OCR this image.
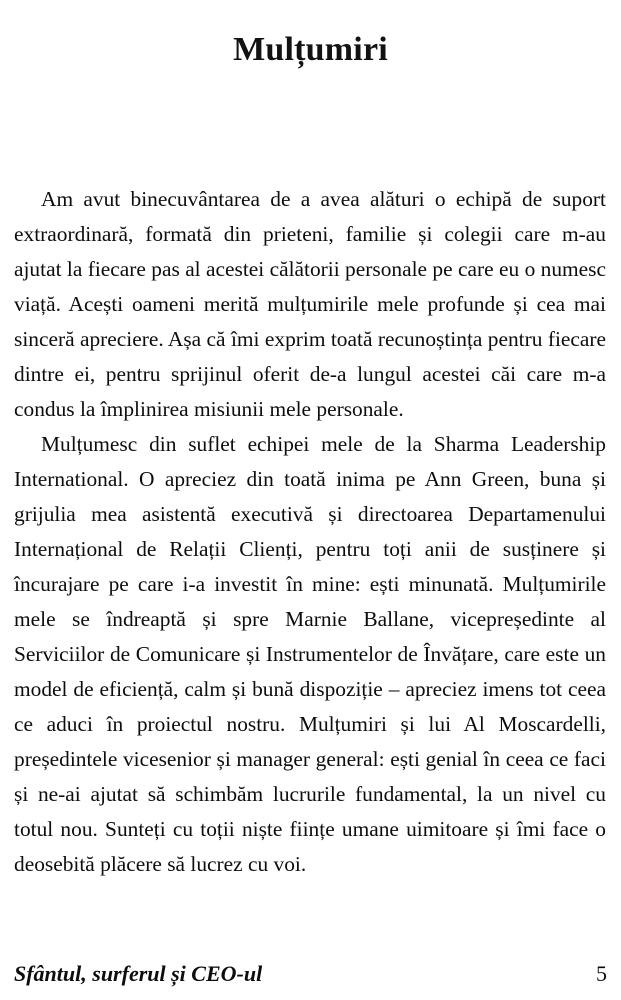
Mulțumiri

Am avut binecuvântarea de a avea alături o echipă de suport extraordinară, formată din prieteni, familie și colegii care m-au ajutat la fiecare pas al acestei călătorii personale pe care eu o numesc viață. Acești oameni merită mulțumirile mele profunde și cea mai sinceră apreciere. Așa că îmi exprim toată recunoștința pentru fiecare dintre ei, pentru sprijinul oferit de-a lungul acestei căi care m-a condus la împlinirea misiunii mele personale.

Mulțumesc din suflet echipei mele de la Sharma Leadership International. O apreciez din toată inima pe Ann Green, buna și grijulia mea asistentă executivă și directoarea Departamenului Internațional de Relații Clienți, pentru toți anii de susținere și încurajare pe care i-a investit în mine: ești minunată. Mulțumirile mele se îndreaptă și spre Marnie Ballane, vicepreședinte al Serviciilor de Comunicare și Instrumentelor de Învățare, care este un model de eficiență, calm și bună dispoziție – apreciez imens tot ceea ce aduci în proiectul nostru. Mulțumiri și lui Al Moscardelli, președintele vicesenior și manager general: ești genial în ceea ce faci și ne-ai ajutat să schimbăm lucrurile fundamental, la un nivel cu totul nou. Sunteți cu toții niște ființe umane uimitoare și îmi face o deosebită plăcere să lucrez cu voi.

Sfântul, surferul și CEO-ul	5
